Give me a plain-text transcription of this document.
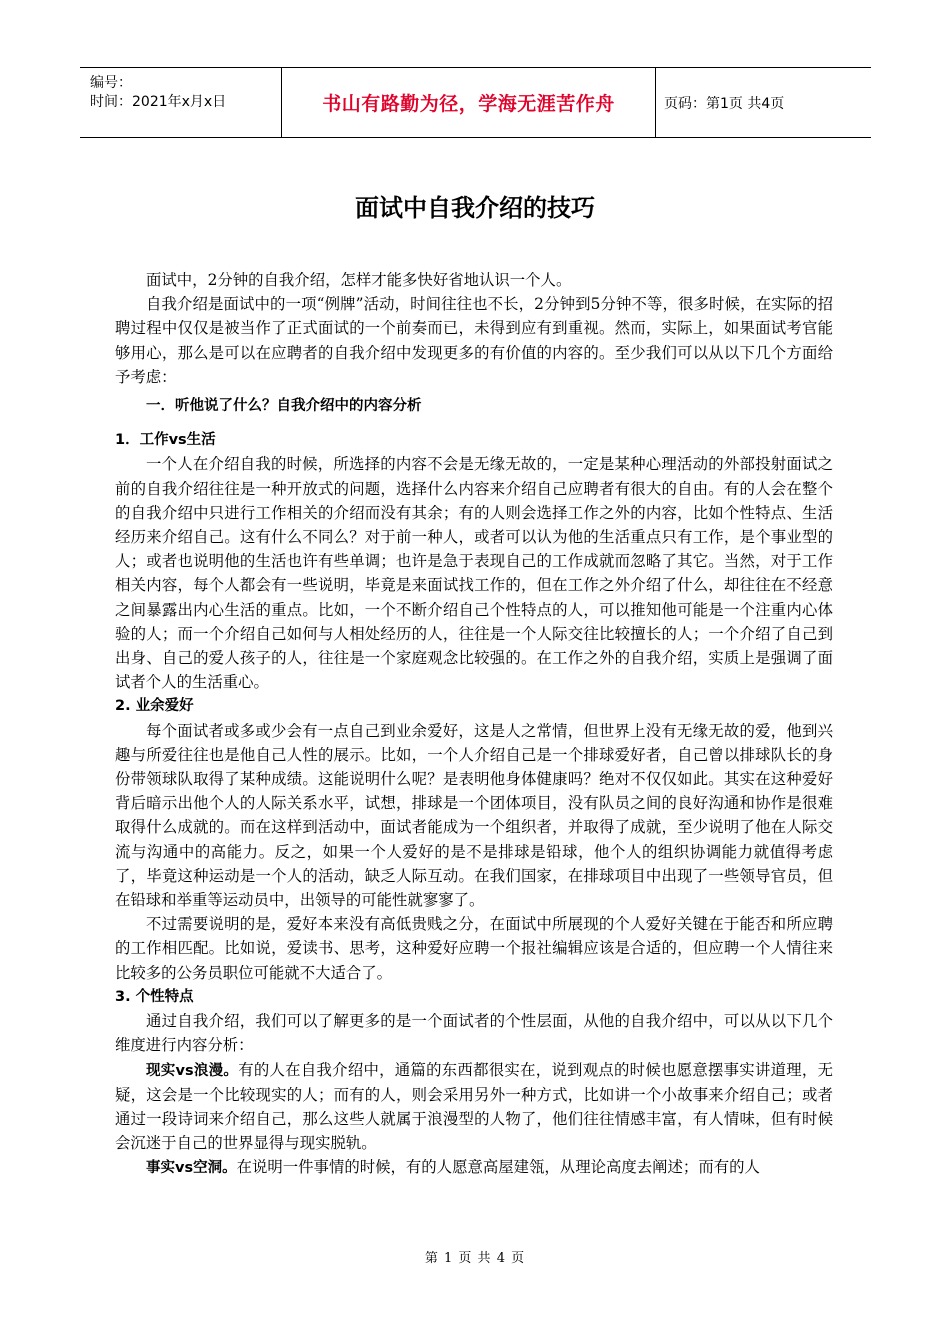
编号：
时间：2021年x月x日	书山有路勤为径，学海无涯苦作舟	页码：第1页 共4页
面试中自我介绍的技巧

面试中，2分钟的自我介绍，怎样才能多快好省地认识一个人。

自我介绍是面试中的一项“例牌”活动，时间往往也不长，2分钟到5分钟不等，很多时候，在实际的招聘过程中仅仅是被当作了正式面试的一个前奏而已，未得到应有到重视。然而，实际上，如果面试考官能够用心，那么是可以在应聘者的自我介绍中发现更多的有价值的内容的。至少我们可以从以下几个方面给予考虑：

一．听他说了什么？自我介绍中的内容分析

1．工作vs生活

一个人在介绍自我的时候，所选择的内容不会是无缘无故的，一定是某种心理活动的外部投射面试之前的自我介绍往往是一种开放式的问题，选择什么内容来介绍自己应聘者有很大的自由。有的人会在整个的自我介绍中只进行工作相关的介绍而没有其余；有的人则会选择工作之外的内容，比如个性特点、生活经历来介绍自己。这有什么不同么？对于前一种人，或者可以认为他的生活重点只有工作，是个事业型的人；或者也说明他的生活也许有些单调；也许是急于表现自己的工作成就而忽略了其它。当然，对于工作相关内容，每个人都会有一些说明，毕竟是来面试找工作的，但在工作之外介绍了什么，却往往在不经意之间暴露出内心生活的重点。比如，一个不断介绍自己个性特点的人，可以推知他可能是一个注重内心体验的人；而一个介绍自己如何与人相处经历的人，往往是一个人际交往比较擅长的人；一个介绍了自己到出身、自己的爱人孩子的人，往往是一个家庭观念比较强的。在工作之外的自我介绍，实质上是强调了面试者个人的生活重心。

2. 业余爱好

每个面试者或多或少会有一点自己到业余爱好，这是人之常情，但世界上没有无缘无故的爱，他到兴趣与所爱往往也是他自己人性的展示。比如，一个人介绍自己是一个排球爱好者，自己曾以排球队长的身份带领球队取得了某种成绩。这能说明什么呢？是表明他身体健康吗？绝对不仅仅如此。其实在这种爱好背后暗示出他个人的人际关系水平，试想，排球是一个团体项目，没有队员之间的良好沟通和协作是很难取得什么成就的。而在这样到活动中，面试者能成为一个组织者，并取得了成就，至少说明了他在人际交流与沟通中的高能力。反之，如果一个人爱好的是不是排球是铅球，他个人的组织协调能力就值得考虑了，毕竟这种运动是一个人的活动，缺乏人际互动。在我们国家，在排球项目中出现了一些领导官员，但在铅球和举重等运动员中，出领导的可能性就寥寥了。

不过需要说明的是，爱好本来没有高低贵贱之分，在面试中所展现的个人爱好关键在于能否和所应聘的工作相匹配。比如说，爱读书、思考，这种爱好应聘一个报社编辑应该是合适的，但应聘一个人情往来比较多的公务员职位可能就不大适合了。

3. 个性特点

通过自我介绍，我们可以了解更多的是一个面试者的个性层面，从他的自我介绍中，可以从以下几个维度进行内容分析：

现实vs浪漫。有的人在自我介绍中，通篇的东西都很实在，说到观点的时候也愿意摆事实讲道理，无疑，这会是一个比较现实的人；而有的人，则会采用另外一种方式，比如讲一个小故事来介绍自己；或者通过一段诗词来介绍自己，那么这些人就属于浪漫型的人物了，他们往往情感丰富，有人情味，但有时候会沉迷于自己的世界显得与现实脱轨。

事实vs空洞。在说明一件事情的时候，有的人愿意高屋建瓴，从理论高度去阐述；而有的人

第 1 页 共 4 页
